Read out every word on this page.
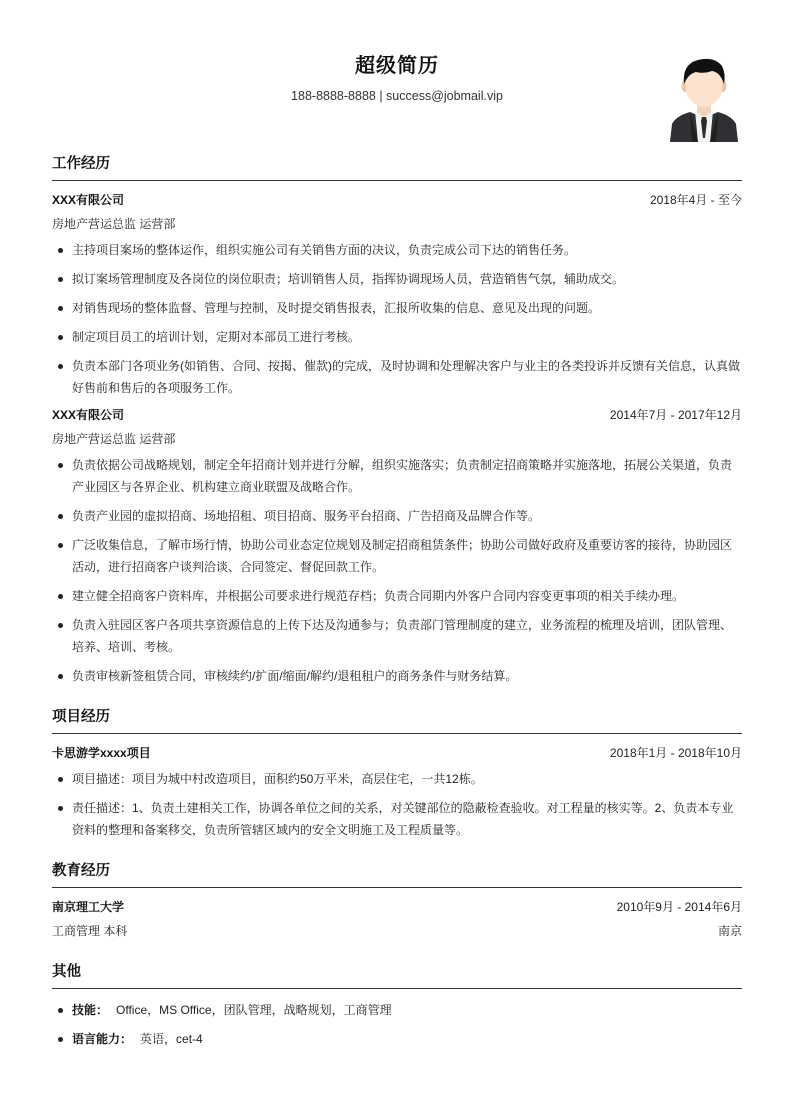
超级简历
188-8888-8888 | success@jobmail.vip
工作经历
XXX有限公司	2018年4月 - 至今
房地产营运总监 运营部
主持项目案场的整体运作，组织实施公司有关销售方面的决议，负责完成公司下达的销售任务。
拟订案场管理制度及各岗位的岗位职责；培训销售人员，指挥协调现场人员，营造销售气氛，辅助成交。
对销售现场的整体监督、管理与控制，及时提交销售报表，汇报所收集的信息、意见及出现的问题。
制定项目员工的培训计划，定期对本部员工进行考核。
负责本部门各项业务(如销售、合同、按揭、催款)的完成，及时协调和处理解决客户与业主的各类投诉并反馈有关信息，认真做好售前和售后的各项服务工作。
XXX有限公司	2014年7月 - 2017年12月
房地产营运总监 运营部
负责依据公司战略规划，制定全年招商计划并进行分解，组织实施落实；负责制定招商策略并实施落地，拓展公关渠道，负责产业园区与各界企业、机构建立商业联盟及战略合作。
负责产业园的虚拟招商、场地招租、项目招商、服务平台招商、广告招商及品牌合作等。
广泛收集信息，了解市场行情，协助公司业态定位规划及制定招商租赁条件；协助公司做好政府及重要访客的接待，协助园区活动，进行招商客户谈判洽谈、合同签定、督促回款工作。
建立健全招商客户资料库，并根据公司要求进行规范存档；负责合同期内外客户合同内容变更事项的相关手续办理。
负责入驻园区客户各项共享资源信息的上传下达及沟通参与；负责部门管理制度的建立，业务流程的梳理及培训，团队管理、培养、培训、考核。
负责审核新签租赁合同，审核续约/扩面/缩面/解约/退租租户的商务条件与财务结算。
项目经历
卡思游学xxxx项目	2018年1月 - 2018年10月
项目描述：项目为城中村改造项目，面积约50万平米，高层住宅，一共12栋。
责任描述：1、负责土建相关工作，协调各单位之间的关系，对关键部位的隐蔽检查验收。对工程量的核实等。2、负责本专业资料的整理和备案移交，负责所管辖区域内的安全文明施工及工程质量等。
教育经历
南京理工大学	2010年9月 - 2014年6月
工商管理 本科	南京
其他
技能： Office，MS Office，团队管理，战略规划，工商管理
语言能力： 英语，cet-4
